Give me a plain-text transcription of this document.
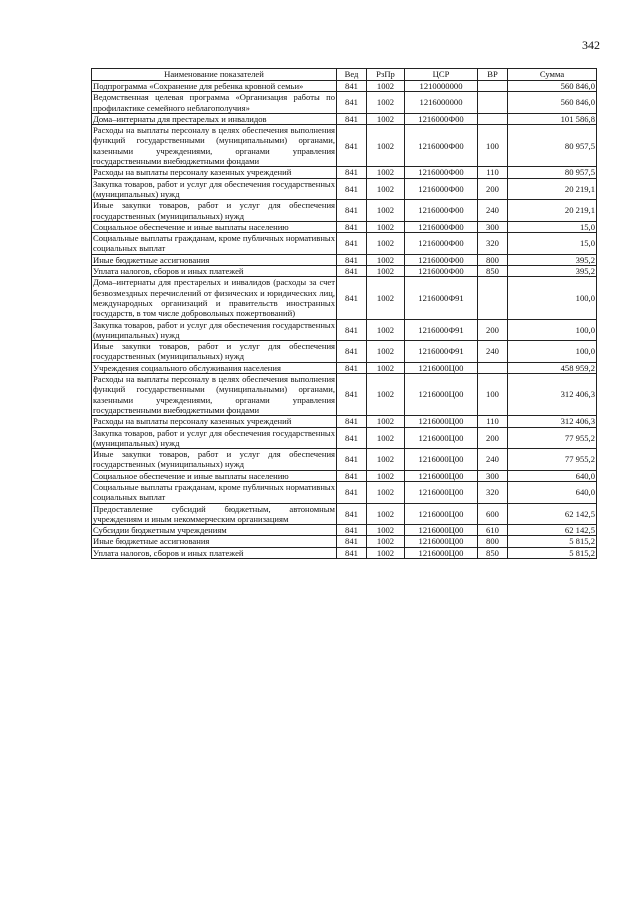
342
Наименование показателей	Вед	РзПр	ЦСР	ВР	Сумма
Подпрограмма «Сохранение для ребенка кровной семьи»	841	1002	1210000000		560 846,0
Ведомственная целевая программа «Организация работы по профилактике семейного неблагополучия»	841	1002	1216000000		560 846,0
Дома–интернаты для престарелых и инвалидов	841	1002	1216000Ф00		101 586,8
Расходы на выплаты персоналу в целях обеспечения выполнения функций государственными (муниципальными) органами, казенными учреждениями, органами управления государственными внебюджетными фондами	841	1002	1216000Ф00	100	80 957,5
Расходы на выплаты персоналу казенных учреждений	841	1002	1216000Ф00	110	80 957,5
Закупка товаров, работ и услуг для обеспечения государственных (муниципальных) нужд	841	1002	1216000Ф00	200	20 219,1
Иные закупки товаров, работ и услуг для обеспечения государственных (муниципальных) нужд	841	1002	1216000Ф00	240	20 219,1
Социальное обеспечение и иные выплаты населению	841	1002	1216000Ф00	300	15,0
Социальные выплаты гражданам, кроме публичных нормативных социальных выплат	841	1002	1216000Ф00	320	15,0
Иные бюджетные ассигнования	841	1002	1216000Ф00	800	395,2
Уплата налогов, сборов и иных платежей	841	1002	1216000Ф00	850	395,2
Дома–интернаты для престарелых и инвалидов (расходы за счет безвозмездных перечислений от физических и юридических лиц, международных организаций и правительств иностранных государств, в том числе добровольных пожертвований)	841	1002	1216000Ф91		100,0
Закупка товаров, работ и услуг для обеспечения государственных (муниципальных) нужд	841	1002	1216000Ф91	200	100,0
Иные закупки товаров, работ и услуг для обеспечения государственных (муниципальных) нужд	841	1002	1216000Ф91	240	100,0
Учреждения социального обслуживания населения	841	1002	1216000Ц00		458 959,2
Расходы на выплаты персоналу в целях обеспечения выполнения функций государственными (муниципальными) органами, казенными учреждениями, органами управления государственными внебюджетными фондами	841	1002	1216000Ц00	100	312 406,3
Расходы на выплаты персоналу казенных учреждений	841	1002	1216000Ц00	110	312 406,3
Закупка товаров, работ и услуг для обеспечения государственных (муниципальных) нужд	841	1002	1216000Ц00	200	77 955,2
Иные закупки товаров, работ и услуг для обеспечения государственных (муниципальных) нужд	841	1002	1216000Ц00	240	77 955,2
Социальное обеспечение и иные выплаты населению	841	1002	1216000Ц00	300	640,0
Социальные выплаты гражданам, кроме публичных нормативных социальных выплат	841	1002	1216000Ц00	320	640,0
Предоставление субсидий бюджетным, автономным учреждениям и иным некоммерческим организациям	841	1002	1216000Ц00	600	62 142,5
Субсидии бюджетным учреждениям	841	1002	1216000Ц00	610	62 142,5
Иные бюджетные ассигнования	841	1002	1216000Ц00	800	5 815,2
Уплата налогов, сборов и иных платежей	841	1002	1216000Ц00	850	5 815,2
